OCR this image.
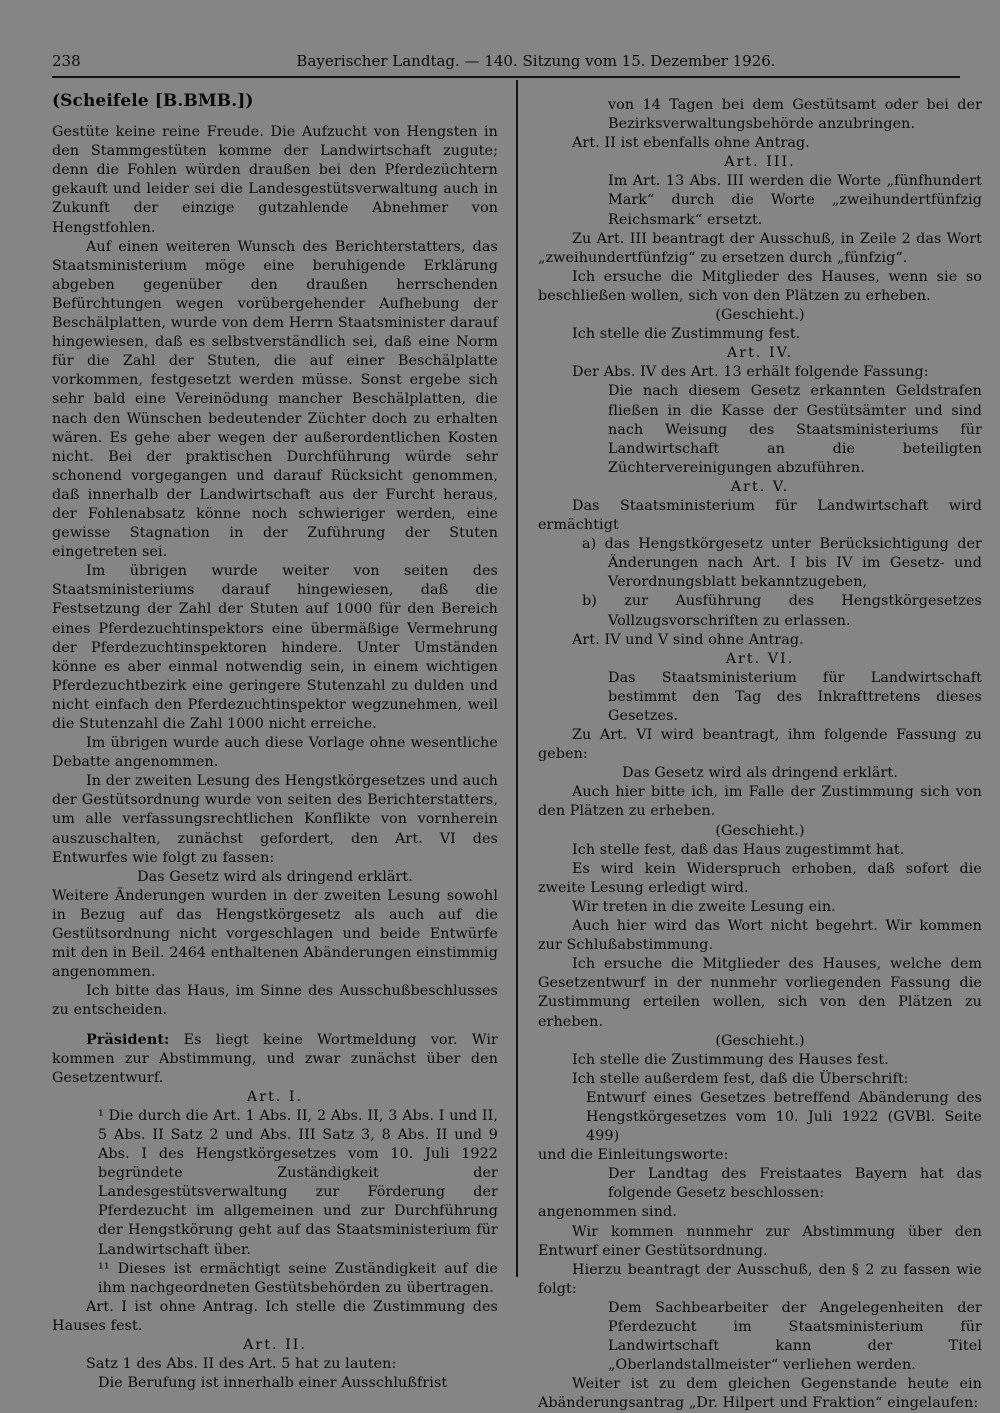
238	Bayerischer Landtag. — 140. Sitzung vom 15. Dezember 1926.

(Scheifele [B.BMB.])

Gestüte keine reine Freude. Die Aufzucht von Hengsten in den Stammgestüten komme der Landwirtschaft zugute; denn die Fohlen würden draußen bei den Pferdezüchtern gekauft und leider sei die Landesgestütsverwaltung auch in Zukunft der einzige gutzahlende Abnehmer von Hengstfohlen.

Auf einen weiteren Wunsch des Berichterstatters, das Staatsministerium möge eine beruhigende Erklärung abgeben gegenüber den draußen herrschenden Befürchtungen wegen vorübergehender Aufhebung der Beschälplatten, wurde von dem Herrn Staatsminister darauf hingewiesen, daß es selbstverständlich sei, daß eine Norm für die Zahl der Stuten, die auf einer Beschälplatte vorkommen, festgesetzt werden müsse. Sonst ergebe sich sehr bald eine Vereinödung mancher Beschälplatten, die nach den Wünschen bedeutender Züchter doch zu erhalten wären. Es gehe aber wegen der außerordentlichen Kosten nicht. Bei der praktischen Durchführung würde sehr schonend vorgegangen und darauf Rücksicht genommen, daß innerhalb der Landwirtschaft aus der Furcht heraus, der Fohlenabsatz könne noch schwieriger werden, eine gewisse Stagnation in der Zuführung der Stuten eingetreten sei.

Im übrigen wurde weiter von seiten des Staatsministeriums darauf hingewiesen, daß die Festsetzung der Zahl der Stuten auf 1000 für den Bereich eines Pferdezuchtinspektors eine übermäßige Vermehrung der Pferdezuchtinspektoren hindere. Unter Umständen könne es aber einmal notwendig sein, in einem wichtigen Pferdezuchtbezirk eine geringere Stutenzahl zu dulden und nicht einfach den Pferdezuchtinspektor wegzunehmen, weil die Stutenzahl die Zahl 1000 nicht erreiche.

Im übrigen wurde auch diese Vorlage ohne wesentliche Debatte angenommen.

In der zweiten Lesung des Hengstkörgesetzes und auch der Gestütsordnung wurde von seiten des Berichterstatters, um alle verfassungsrechtlichen Konflikte von vornherein auszuschalten, zunächst gefordert, den Art. VI des Entwurfes wie folgt zu fassen:

Das Gesetz wird als dringend erklärt.

Weitere Änderungen wurden in der zweiten Lesung sowohl in Bezug auf das Hengstkörgesetz als auch auf die Gestütsordnung nicht vorgeschlagen und beide Entwürfe mit den in Beil. 2464 enthaltenen Abänderungen einstimmig angenommen.

Ich bitte das Haus, im Sinne des Ausschußbeschlusses zu entscheiden.

Präsident: Es liegt keine Wortmeldung vor. Wir kommen zur Abstimmung, und zwar zunächst über den Gesetzentwurf.

Art. I.

¹ Die durch die Art. 1 Abs. II, 2 Abs. II, 3 Abs. I und II, 5 Abs. II Satz 2 und Abs. III Satz 3, 8 Abs. II und 9 Abs. I des Hengstkörgesetzes vom 10. Juli 1922 begründete Zuständigkeit der Landesgestütsverwaltung zur Förderung der Pferdezucht im allgemeinen und zur Durchführung der Hengstkörung geht auf das Staatsministerium für Landwirtschaft über.

¹¹ Dieses ist ermächtigt seine Zuständigkeit auf die ihm nachgeordneten Gestütsbehörden zu übertragen.

Art. I ist ohne Antrag. Ich stelle die Zustimmung des Hauses fest.

Art. II.

Satz 1 des Abs. II des Art. 5 hat zu lauten:

Die Berufung ist innerhalb einer Ausschlußfrist

von 14 Tagen bei dem Gestütsamt oder bei der Bezirksverwaltungsbehörde anzubringen.

Art. II ist ebenfalls ohne Antrag.

Art. III.

Im Art. 13 Abs. III werden die Worte „fünfhundert Mark“ durch die Worte „zweihundertfünfzig Reichsmark“ ersetzt.

Zu Art. III beantragt der Ausschuß, in Zeile 2 das Wort „zweihundertfünfzig“ zu ersetzen durch „fünfzig“.

Ich ersuche die Mitglieder des Hauses, wenn sie so beschließen wollen, sich von den Plätzen zu erheben.

(Geschieht.)

Ich stelle die Zustimmung fest.

Art. IV.

Der Abs. IV des Art. 13 erhält folgende Fassung:

Die nach diesem Gesetz erkannten Geldstrafen fließen in die Kasse der Gestütsämter und sind nach Weisung des Staatsministeriums für Landwirtschaft an die beteiligten Züchtervereinigungen abzuführen.

Art. V.

Das Staatsministerium für Landwirtschaft wird ermächtigt

a) das Hengstkörgesetz unter Berücksichtigung der Änderungen nach Art. I bis IV im Gesetz- und Verordnungsblatt bekanntzugeben,

b) zur Ausführung des Hengstkörgesetzes Vollzugsvorschriften zu erlassen.

Art. IV und V sind ohne Antrag.

Art. VI.

Das Staatsministerium für Landwirtschaft bestimmt den Tag des Inkrafttretens dieses Gesetzes.

Zu Art. VI wird beantragt, ihm folgende Fassung zu geben:

Das Gesetz wird als dringend erklärt.

Auch hier bitte ich, im Falle der Zustimmung sich von den Plätzen zu erheben.

(Geschieht.)

Ich stelle fest, daß das Haus zugestimmt hat.

Es wird kein Widerspruch erhoben, daß sofort die zweite Lesung erledigt wird.

Wir treten in die zweite Lesung ein.

Auch hier wird das Wort nicht begehrt. Wir kommen zur Schlußabstimmung.

Ich ersuche die Mitglieder des Hauses, welche dem Gesetzentwurf in der nunmehr vorliegenden Fassung die Zustimmung erteilen wollen, sich von den Plätzen zu erheben.

(Geschieht.)

Ich stelle die Zustimmung des Hauses fest.

Ich stelle außerdem fest, daß die Überschrift:

Entwurf eines Gesetzes betreffend Abänderung des Hengstkörgesetzes vom 10. Juli 1922 (GVBl. Seite 499)

und die Einleitungsworte:

Der Landtag des Freistaates Bayern hat das folgende Gesetz beschlossen:

angenommen sind.

Wir kommen nunmehr zur Abstimmung über den Entwurf einer Gestütsordnung.

Hierzu beantragt der Ausschuß, den § 2 zu fassen wie folgt:

Dem Sachbearbeiter der Angelegenheiten der Pferdezucht im Staatsministerium für Landwirtschaft kann der Titel „Oberlandstallmeister“ verliehen werden.

Weiter ist zu dem gleichen Gegenstande heute ein Abänderungsantrag „Dr. Hilpert und Fraktion“ eingelaufen:
